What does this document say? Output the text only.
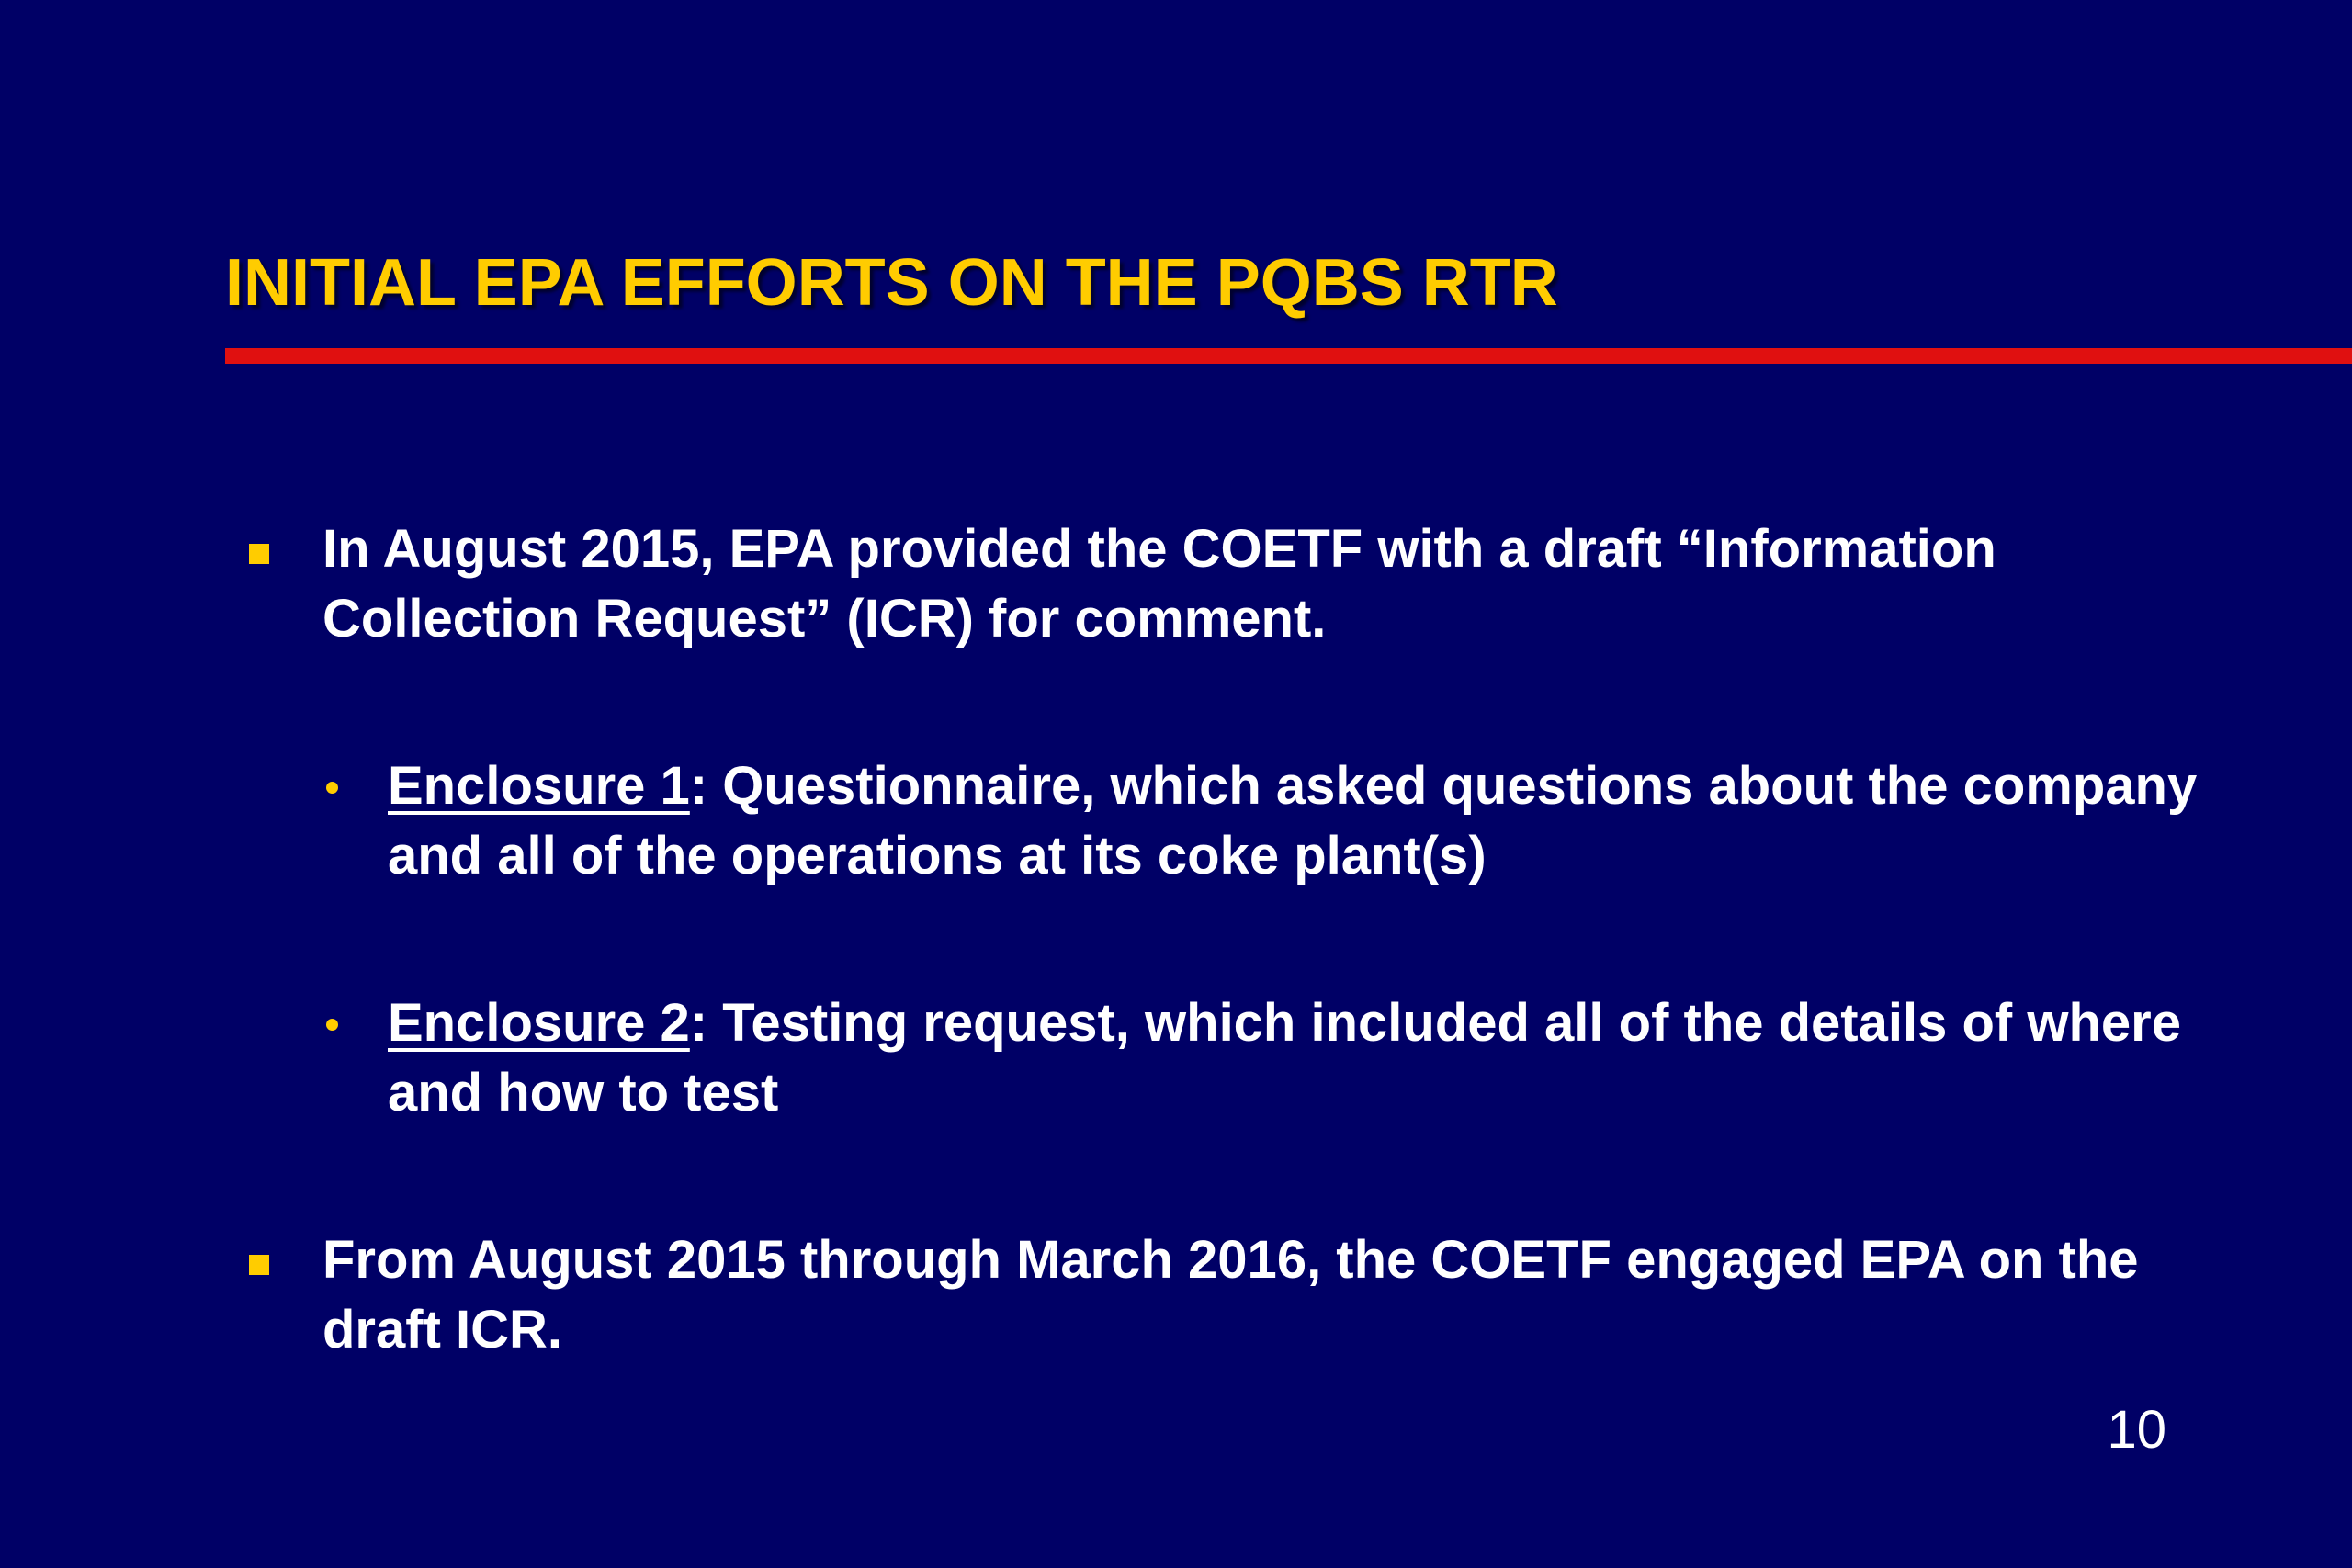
INITIAL EPA EFFORTS ON THE PQBS RTR

In August 2015, EPA provided the COETF with a draft “Information Collection Request” (ICR) for comment.

Enclosure 1: Questionnaire, which asked questions about the company and all of the operations at its coke plant(s)

Enclosure 2: Testing request, which included all of the details of where and how to test

From August 2015 through March 2016, the COETF engaged EPA on the draft ICR.

10
